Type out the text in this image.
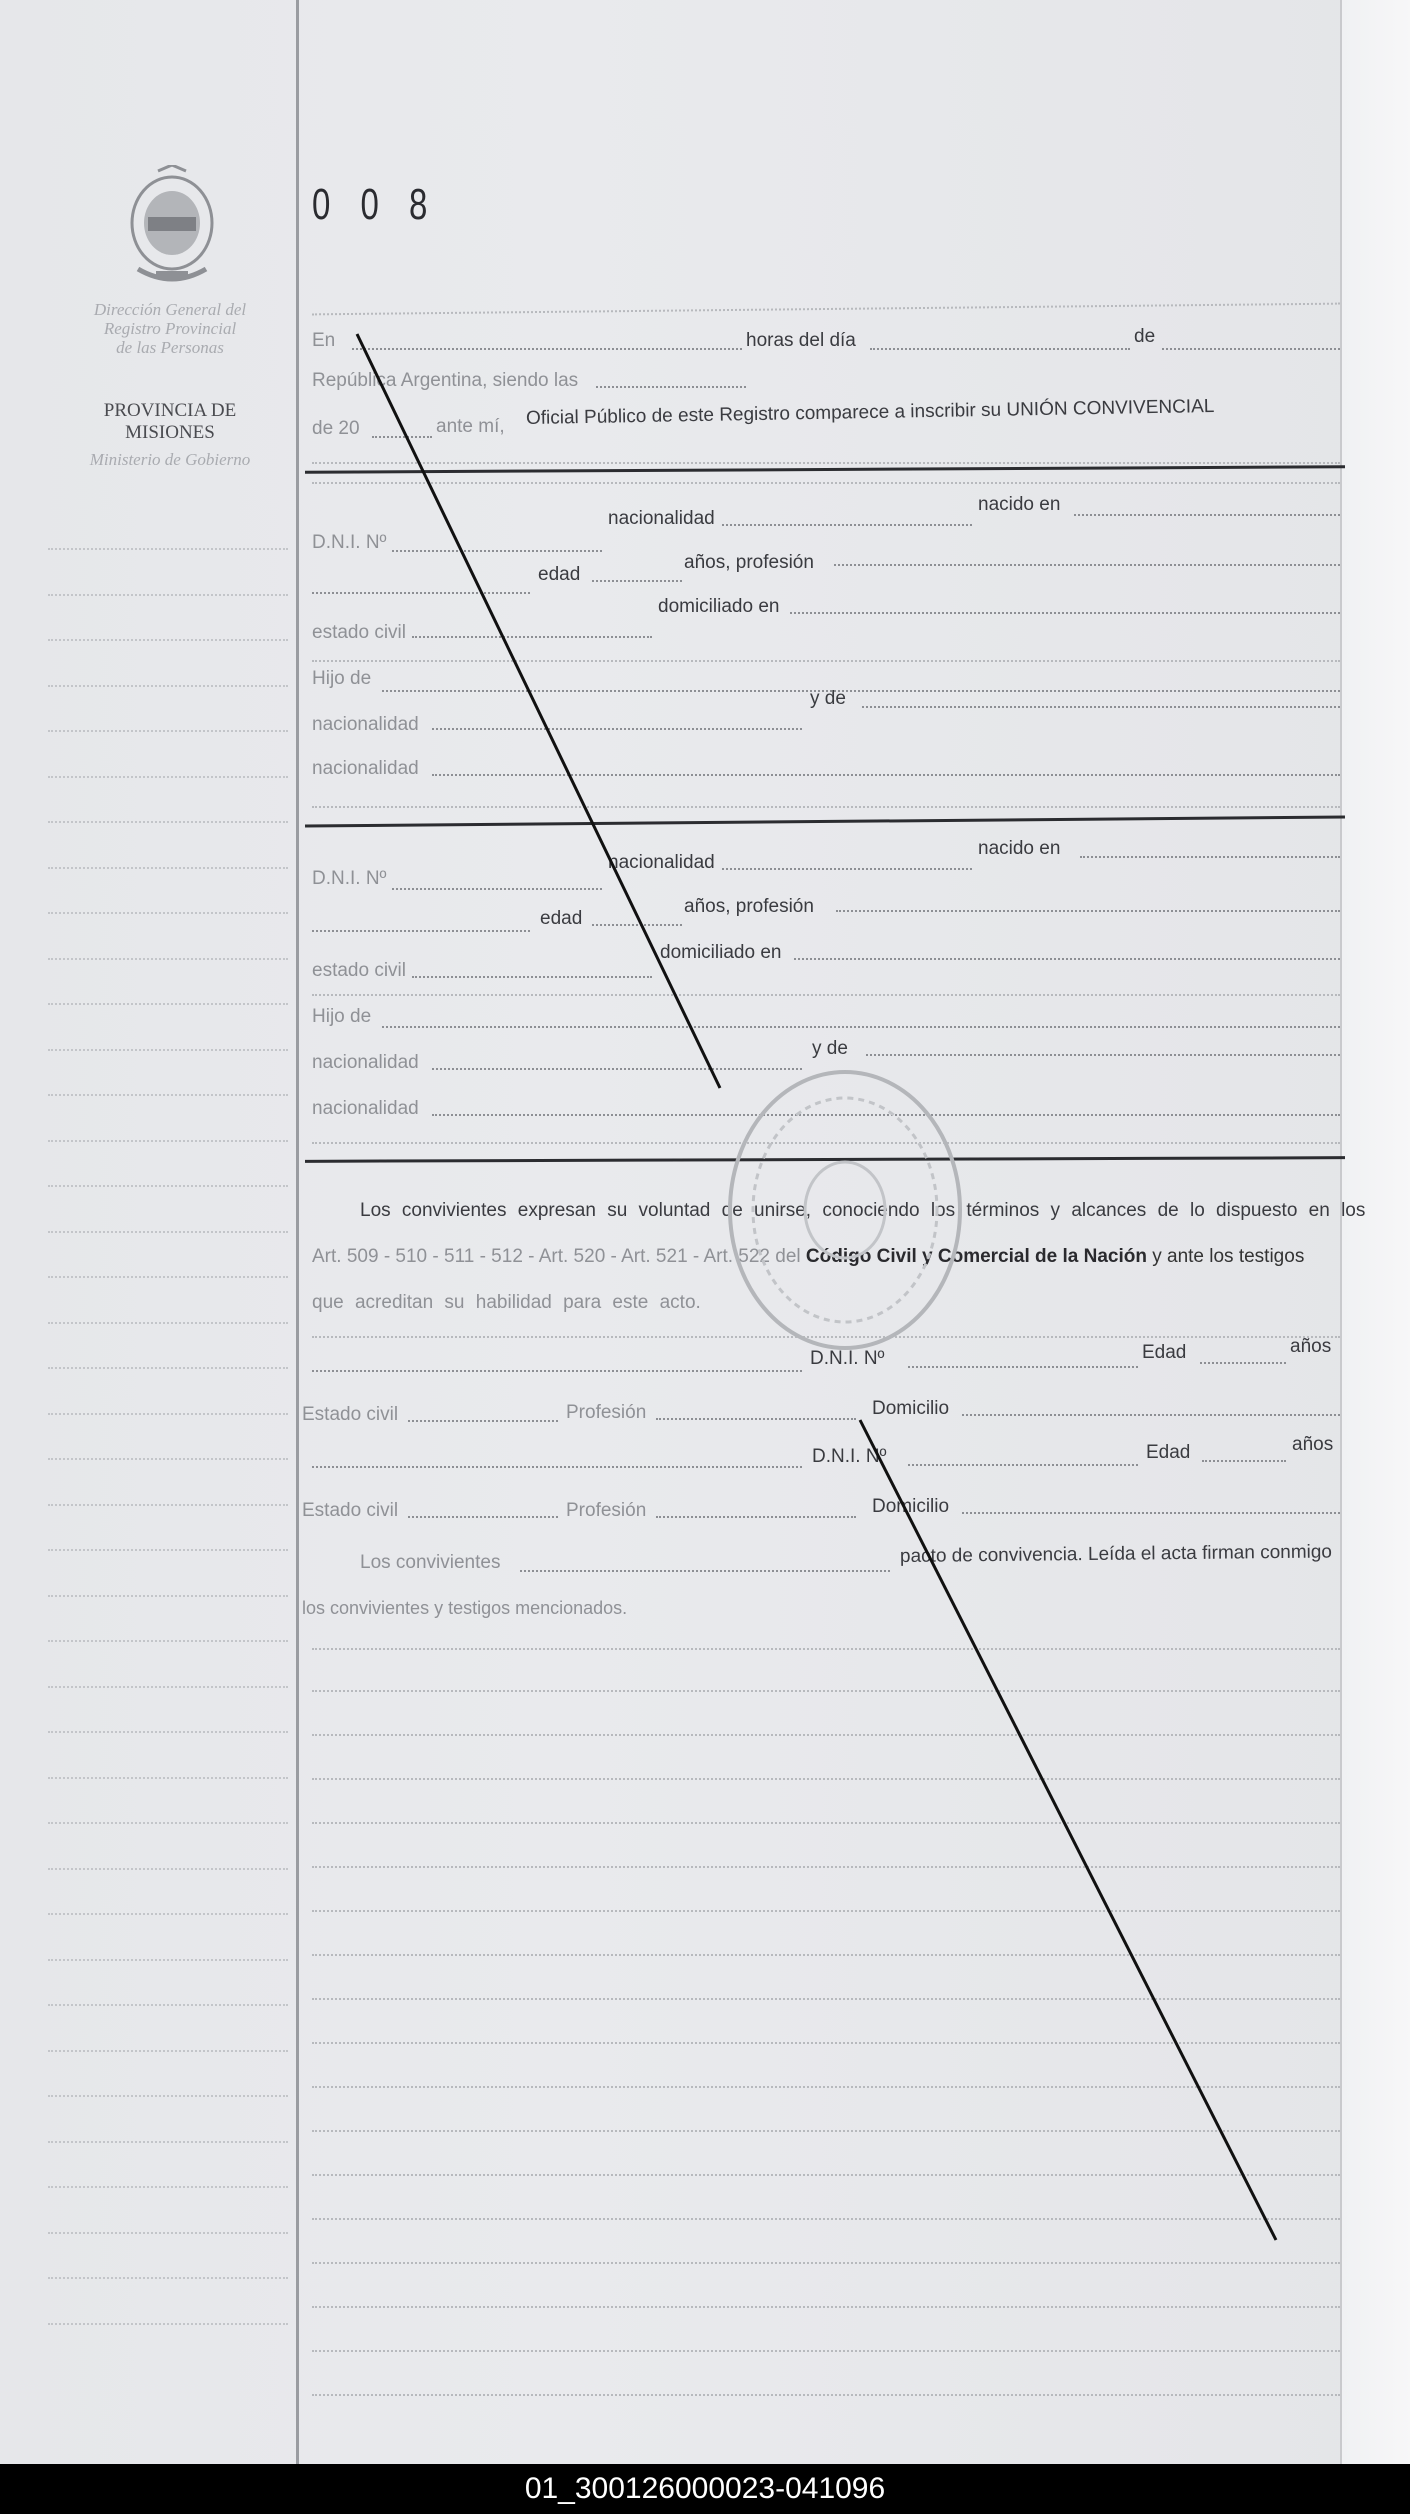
Dirección General del
Registro Provincial
de las Personas
PROVINCIA DE
MISIONES
Ministerio de Gobierno
0 0 8
En	horas del día	de
República Argentina, siendo las
de 20	ante mí, Oficial Público de este Registro comparece a inscribir su UNIÓN CONVIVENCIAL
D.N.I. Nº
nacionalidad
nacido en
edad
años, profesión
estado civil
domiciliado en
Hijo de
nacionalidad
y de
nacionalidad
D.N.I. Nº
nacionalidad
nacido en
edad
años, profesión
estado civil
domiciliado en
Hijo de
nacionalidad
y de
nacionalidad
Los convivientes expresan su voluntad de unirse, conociendo los términos y alcances de lo dispuesto en los
Art. 509 - 510 - 511 - 512 - Art. 520 - Art. 521 - Art. 522 del Código Civil y Comercial de la Nación y ante los testigos
que acreditan su habilidad para este acto.
D.N.I. Nº	Edad	años
Estado civil	Profesión	Domicilio
D.N.I. Nº	Edad	años
Estado civil	Profesión	Domicilio
Los convivientes	pacto de convivencia. Leída el acta firman conmigo
los convivientes y testigos mencionados.
01_300126000023-041096
